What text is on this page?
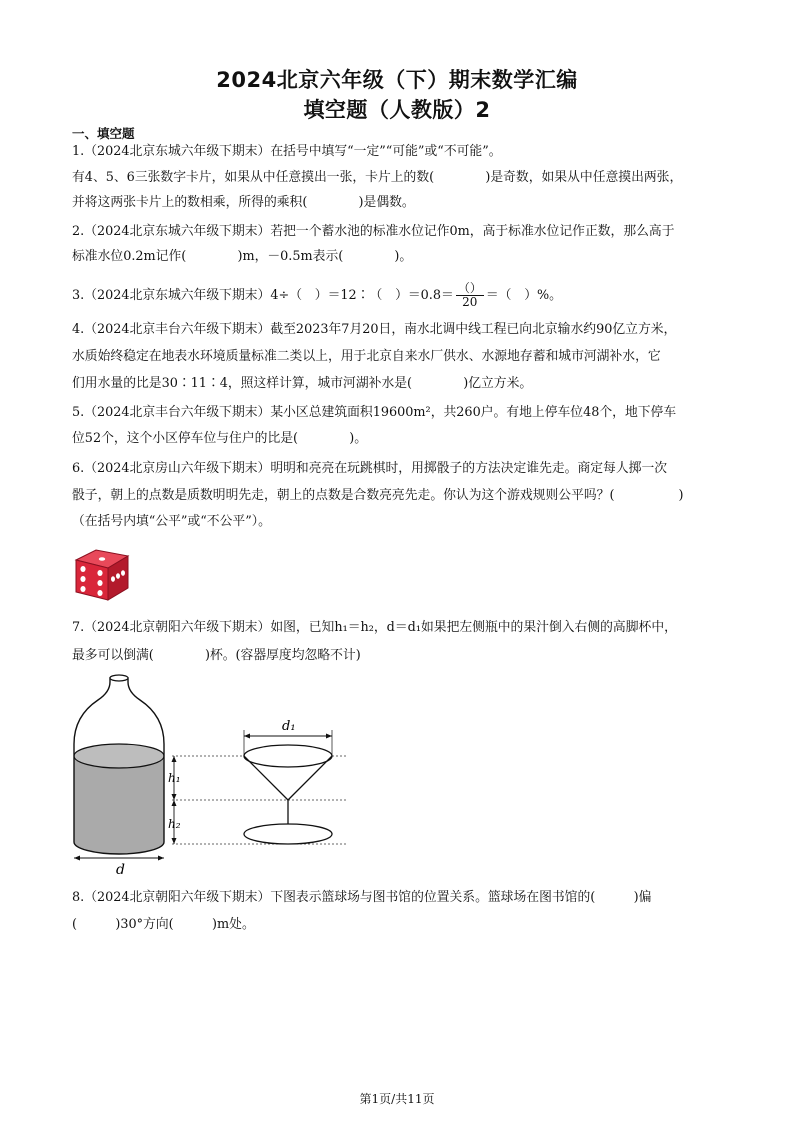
2024北京六年级（下）期末数学汇编
填空题（人教版）2
一、填空题
1.（2024北京东城六年级下期末）在括号中填写“一定”“可能”或“不可能”。
有4、5、6三张数字卡片，如果从中任意摸出一张，卡片上的数(　　　　)是奇数，如果从中任意摸出两张，
并将这两张卡片上的数相乘，所得的乘积(　　　　)是偶数。
2.（2024北京东城六年级下期末）若把一个蓄水池的标准水位记作0m，高于标准水位记作正数，那么高于
标准水位0.2m记作(　　　　)m，－0.5m表示(　　　　)。
3.（2024北京东城六年级下期末）4÷（　）＝12∶（　）$=0.8= \frac{()}{20}$ ＝（　）%。
4.（2024北京丰台六年级下期末）截至2023年7月20日，南水北调中线工程已向北京输水约90亿立方米，
水质始终稳定在地表水环境质量标准二类以上，用于北京自来水厂供水、水源地存蓄和城市河湖补水，它
们用水量的比是30∶11∶4，照这样计算，城市河湖补水是(　　　　)亿立方米。
5.（2024北京丰台六年级下期末）某小区总建筑面积19600m²，共260户。有地上停车位48个，地下停车
位52个，这个小区停车位与住户的比是(　　　　)。
6.（2024北京房山六年级下期末）明明和亮亮在玩跳棋时，用掷骰子的方法决定谁先走。商定每人掷一次
骰子，朝上的点数是质数明明先走，朝上的点数是合数亮亮先走。你认为这个游戏规则公平吗？(　　　　　)
（在括号内填“公平”或“不公平”）。
7.（2024北京朝阳六年级下期末）如图，已知h₁＝h₂，d＝d₁如果把左侧瓶中的果汁倒入右侧的高脚杯中，
最多可以倒满(　　　　)杯。(容器厚度均忽略不计)
d
h₁
h₂
d₁
8.（2024北京朝阳六年级下期末）下图表示篮球场与图书馆的位置关系。篮球场在图书馆的(　　　)偏
(　　　)30°方向(　　　)m处。
第1页/共11页
